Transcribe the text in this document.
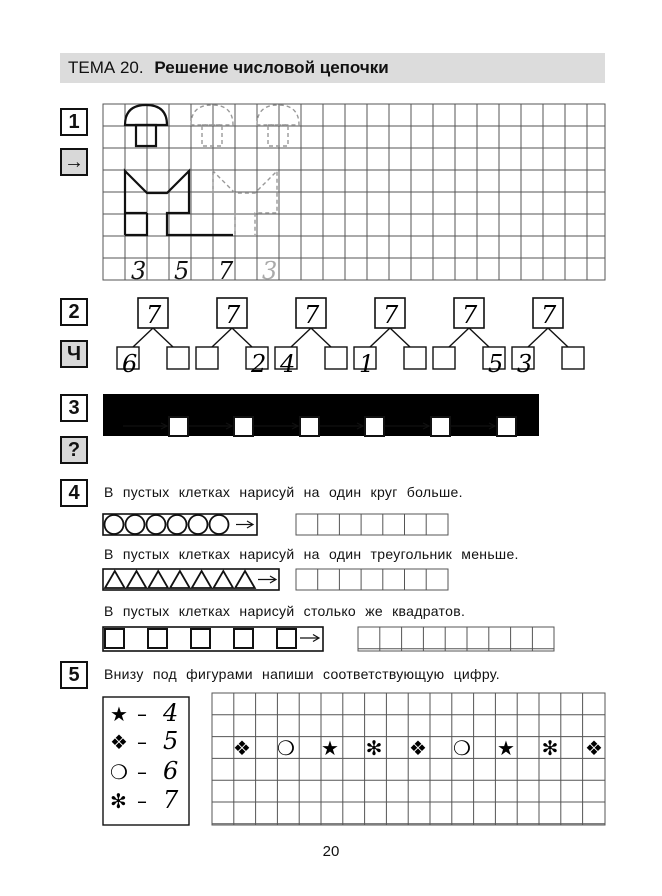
ТЕМА 20. Решение числовой цепочки
1
→
2
Ч
3
?
4
5
В пустых клетках нарисуй на один круг больше.
В пустых клетках нарисуй на один треугольник меньше.
В пустых клетках нарисуй столько же квадратов.
Внизу под фигурами напиши соответствующую цифру.
3 5 7 3
7
6
7
2
7
4
7
1
7
5
7
3
7
– 2 – 3 + 4 + 1 – 6 + 5
★ – 4
❖ – 5
❍ – 6
✻ – 7
❖ ❍ ★ ✻ ❖ ❍ ★ ✻ ❖
20
